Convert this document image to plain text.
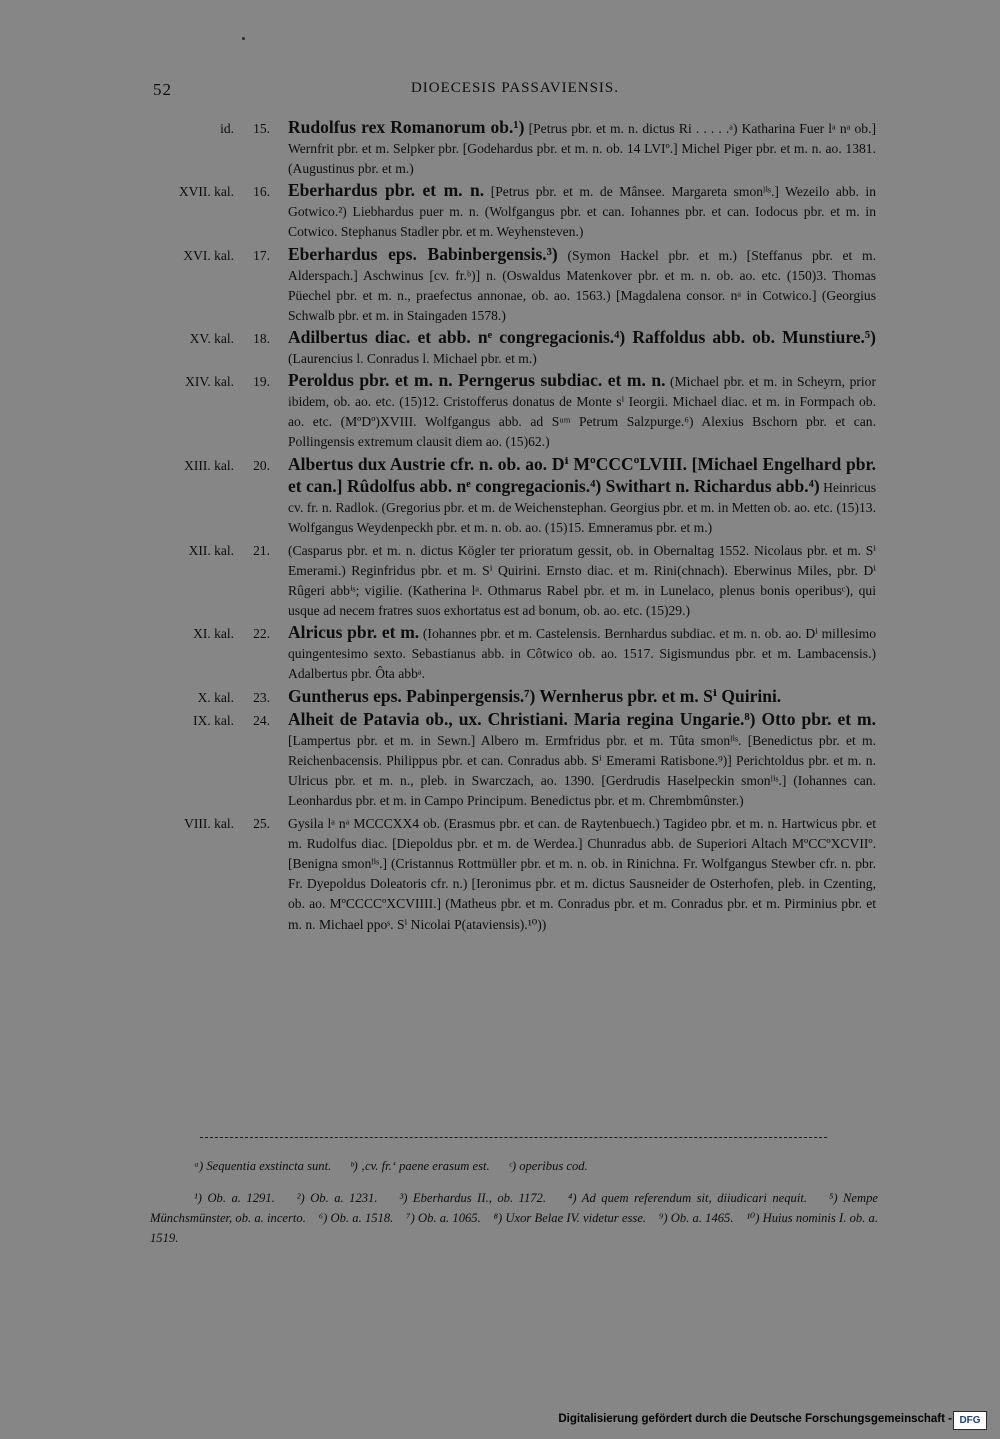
52	DIOECESIS PASSAVIENSIS.
id.	15. Rudolfus rex Romanorum ob.¹) [Petrus pbr. et m. n. dictus Ri . . . . .ᵃ) Katharina Fuer lᵃ nᵃ ob.] Wernfrit pbr. et m. Selpker pbr. [Godehardus pbr. et m. n. ob. 14 LVIº.] Michel Piger pbr. et m. n. ao. 1381. (Augustinus pbr. et m.)
XVII. kal.	16. Eberhardus pbr. et m. n. [Petrus pbr. et m. de Mânsee. Margareta smonˡⁱˢ.] Wezeilo abb. in Gotwico.²) Liebhardus puer m. n. (Wolfgangus pbr. et can. Iohannes pbr. et can. Iodocus pbr. et m. in Cotwico. Stephanus Stadler pbr. et m. Weyhensteven.)
XVI. kal.	17. Eberhardus eps. Babinbergensis.³) (Symon Hackel pbr. et m.) [Steffanus pbr. et m. Alderspach.] Aschwinus [cv. fr.ᵇ)] n. (Oswaldus Matenkover pbr. et m. n. ob. ao. etc. (150)3. Thomas Püechel pbr. et m. n., praefectus annonae, ob. ao. 1563.) [Magdalena consor. nᵃ in Cotwico.] (Georgius Schwalb pbr. et m. in Staingaden 1578.)
XV. kal.	18. Adilbertus diac. et abb. nᵉ congregacionis.⁴) Raffoldus abb. ob. Munstiure.⁵) (Laurencius l. Conradus l. Michael pbr. et m.)
XIV. kal.	19. Peroldus pbr. et m. n. Perngerus subdiac. et m. n. (Michael pbr. et m. in Scheyrn, prior ibidem, ob. ao. etc. (15)12. Cristofferus donatus de Monte sⁱ Ieorgii. Michael diac. et m. in Formpach ob. ao. etc. (MºDº)XVIII. Wolfgangus abb. ad Sᵘᵐ Petrum Salzpurge.⁶) Alexius Bschorn pbr. et can. Pollingensis extremum clausit diem ao. (15)62.)
XIII. kal.	20. Albertus dux Austrie cfr. n. ob. ao. Dⁱ MºCCCºLVIII. [Michael Engelhard pbr. et can.] Rûdolfus abb. nᵉ congregacionis.⁴) Swithart n. Richardus abb.⁴) Heinricus cv. fr. n. Radlok. (Gregorius pbr. et m. de Weichenstephan. Georgius pbr. et m. in Metten ob. ao. etc. (15)13. Wolfgangus Weydenpeckh pbr. et m. n. ob. ao. (15)15. Emneramus pbr. et m.)
XII. kal.	21. (Casparus pbr. et m. n. dictus Kögler ter prioratum gessit, ob. in Obernaltag 1552. Nicolaus pbr. et m. Sⁱ Emerami.) Reginfridus pbr. et m. Sⁱ Quirini. Ernsto diac. et m. Rini(chnach). Eberwinus Miles, pbr. Dⁱ Rûgeri abbⁱˢ; vigilie. (Katherina lᵃ. Othmarus Rabel pbr. et m. in Lunelaco, plenus bonis operibusᶜ), qui usque ad necem fratres suos exhortatus est ad bonum, ob. ao. etc. (15)29.)
XI. kal.	22. Alricus pbr. et m. (Iohannes pbr. et m. Castelensis. Bernhardus subdiac. et m. n. ob. ao. Dⁱ millesimo quingentesimo sexto. Sebastianus abb. in Côtwico ob. ao. 1517. Sigismundus pbr. et m. Lambacensis.) Adalbertus pbr. Ôta abbᵃ.
X. kal.	23. Guntherus eps. Pabinpergensis.⁷) Wernherus pbr. et m. Sⁱ Quirini.
IX. kal.	24. Alheit de Patavia ob., ux. Christiani. Maria regina Ungarie.⁸) Otto pbr. et m. [Lampertus pbr. et m. in Sewn.] Albero m. Ermfridus pbr. et m. Tûta smonˡⁱˢ. [Benedictus pbr. et m. Reichenbacensis. Philippus pbr. et can. Conradus abb. Sⁱ Emerami Ratisbone.⁹)] Perichtoldus pbr. et m. n. Ulricus pbr. et m. n., pleb. in Swarczach, ao. 1390. [Gerdrudis Haselpeckin smonˡⁱˢ.] (Iohannes can. Leonhardus pbr. et m. in Campo Principum. Benedictus pbr. et m. Chrembmûnster.)
VIII. kal.	25. Gysila lᵃ nᵃ MCCCXX4 ob. (Erasmus pbr. et can. de Raytenbuech.) Tagideo pbr. et m. n. Hartwicus pbr. et m. Rudolfus diac. [Diepoldus pbr. et m. de Werdea.] Chunradus abb. de Superiori Altach MºCCºXCVIIº. [Benigna smonˡⁱˢ.] (Cristannus Rottmüller pbr. et m. n. ob. in Rinichna. Fr. Wolfgangus Stewber cfr. n. pbr. Fr. Dyepoldus Doleatoris cfr. n.) [Ieronimus pbr. et m. dictus Sausneider de Osterhofen, pleb. in Czenting, ob. ao. MºCCCCºXCVIIII.] (Matheus pbr. et m. Conradus pbr. et m. Conradus pbr. et m. Pirminius pbr. et m. n. Michael ppoˢ. Sⁱ Nicolai P(ataviensis).¹⁰))

ᵃ) Sequentia exstincta sunt.      ᵇ) ‚cv. fr.‘ paene erasum est.      ᶜ) operibus cod.

¹) Ob. a. 1291.    ²) Ob. a. 1231.    ³) Eberhardus II., ob. 1172.    ⁴) Ad quem referendum sit, diiudicari nequit.    ⁵) Nempe Münchsmünster, ob. a. incerto.    ⁶) Ob. a. 1518.    ⁷) Ob. a. 1065.    ⁸) Uxor Belae IV. videtur esse.    ⁹) Ob. a. 1465.    ¹⁰) Huius nominis I. ob. a. 1519.

Digitalisierung gefördert durch die Deutsche Forschungsgemeinschaft - DFG
